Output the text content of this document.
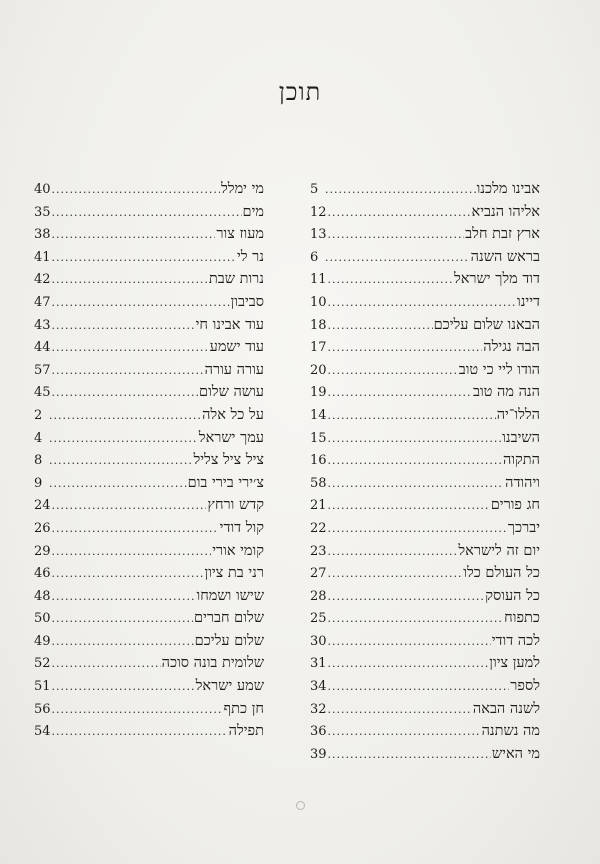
תוכן
אבינו מלכנו
.....
5
אליהו הנביא
.....
12
ארץ זבת חלב
.....
13
בראש השנה
.....
6
דוד מלך ישראל
.....
11
דיינו
.....
10
הבאנו שלום עליכם
.....
18
הבה נגילה
.....
17
הודו ליי כי טוב
.....
20
הנה מה טוב
.....
19
הללו־יה
.....
14
השיבנו
.....
15
התקוה
.....
16
ויהודה
.....
58
חג פורים
.....
21
יברכך
.....
22
יום זה לישראל
.....
23
כל העולם כלו
.....
27
כל העוסק
.....
28
כתפוח
.....
25
לכה דודי
.....
30
למען ציון
.....
31
לספר
.....
34
לשנה הבאה
.....
32
מה נשתנה
.....
36
מי האיש
.....
39
מי ימלל
.....
40
מים
.....
35
מעוז צור
.....
38
נר לי
.....
41
נרות שבת
.....
42
סביבון
.....
47
עוד אבינו חי
.....
43
עוד ישמע
.....
44
עורה עורה
.....
57
עושה שלום
.....
45
על כל אלה
.....
2
עמך ישראל
.....
4
ציל ציל צליל
.....
8
צ׳ירי בירי בום
.....
9
קדש ורחץ
.....
24
קול דודי
.....
26
קומי אורי
.....
29
רני בת ציון
.....
46
שישו ושמחו
.....
48
שלום חברים
.....
50
שלום עליכם
.....
49
שלומית בונה סוכה
.....
52
שמע ישראל
.....
51
חן כתף
.....
56
תפילה
.....
54
